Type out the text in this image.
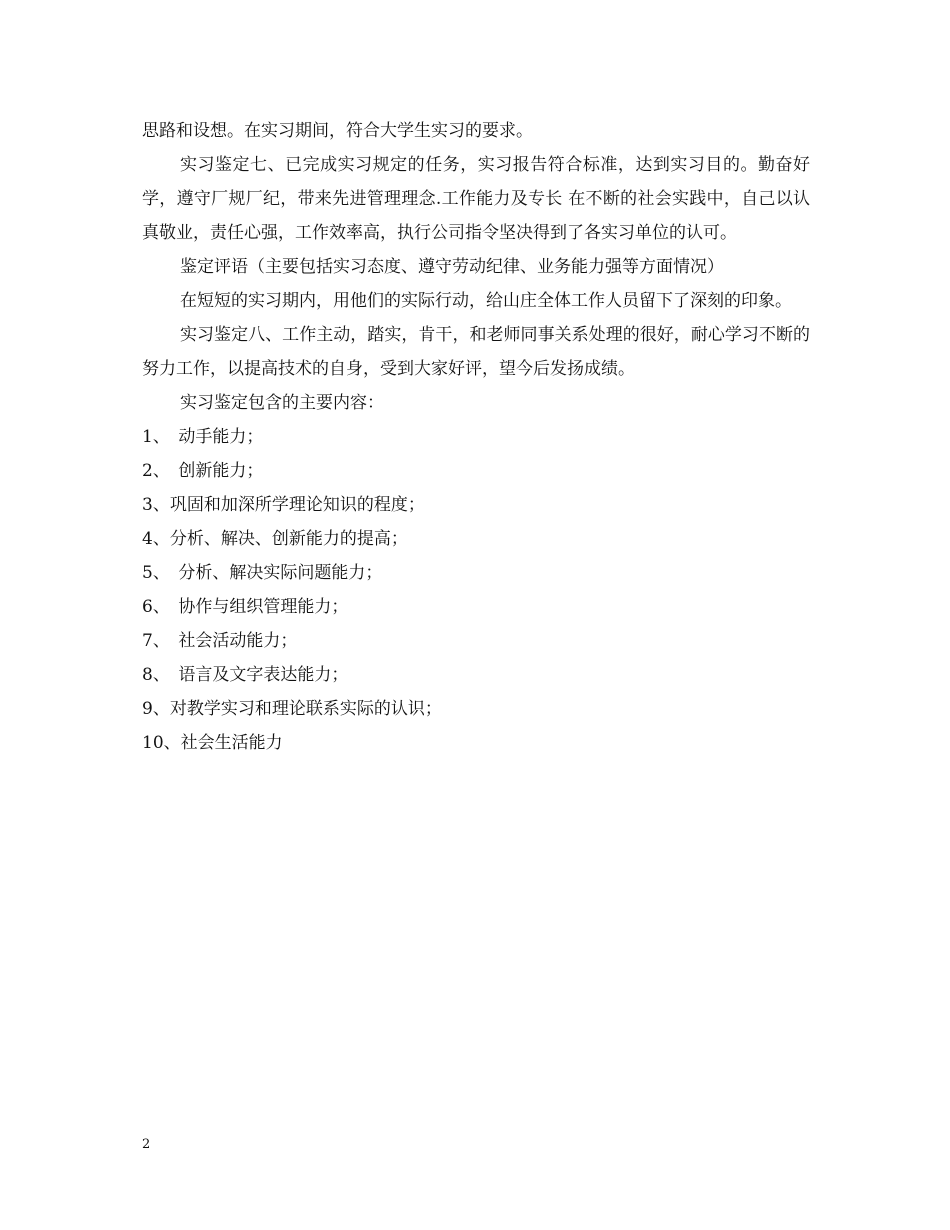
思路和设想。在实习期间，符合大学生实习的要求。

实习鉴定七、已完成实习规定的任务，实习报告符合标准，达到实习目的。勤奋好学，遵守厂规厂纪，带来先进管理理念.工作能力及专长 在不断的社会实践中，自己以认真敬业，责任心强，工作效率高，执行公司指令坚决得到了各实习单位的认可。

鉴定评语（主要包括实习态度、遵守劳动纪律、业务能力强等方面情况）

在短短的实习期内，用他们的实际行动，给山庄全体工作人员留下了深刻的印象。

实习鉴定八、工作主动，踏实，肯干，和老师同事关系处理的很好，耐心学习不断的努力工作，以提高技术的自身，受到大家好评，望今后发扬成绩。

实习鉴定包含的主要内容：

1、　动手能力；

2、　创新能力；

3、巩固和加深所学理论知识的程度；

4、分析、解决、创新能力的提高；

5、　分析、解决实际问题能力；

6、　协作与组织管理能力；

7、　社会活动能力；

8、　语言及文字表达能力；

9、对教学实习和理论联系实际的认识；

10、社会生活能力

2
